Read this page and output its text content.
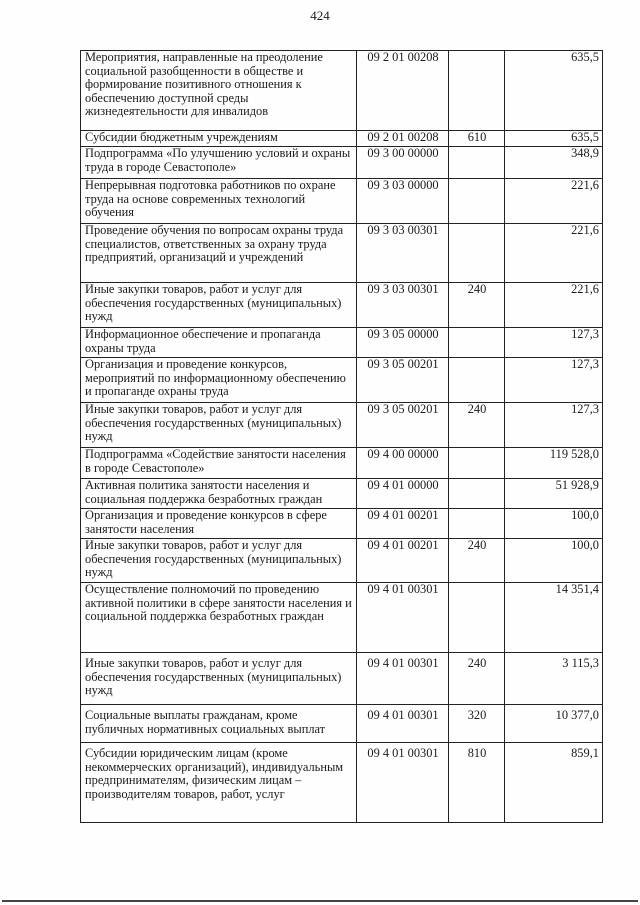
424
Мероприятия, направленные на преодоление социальной разобщенности в обществе и формирование позитивного отношения к обеспечению доступной среды жизнедеятельности для инвалидов	09 2 01 00208		635,5
Субсидии бюджетным учреждениям	09 2 01 00208	610	635,5
Подпрограмма «По улучшению условий и охраны труда в городе Севастополе»	09 3 00 00000		348,9
Непрерывная подготовка работников по охране труда на основе современных технологий обучения	09 3 03 00000		221,6
Проведение обучения по вопросам охраны труда специалистов, ответственных за охрану труда предприятий, организаций и учреждений	09 3 03 00301		221,6
Иные закупки товаров, работ и услуг для обеспечения государственных (муниципальных) нужд	09 3 03 00301	240	221,6
Информационное обеспечение и пропаганда охраны труда	09 3 05 00000		127,3
Организация и проведение конкурсов, мероприятий по информационному обеспечению и пропаганде охраны труда	09 3 05 00201		127,3
Иные закупки товаров, работ и услуг для обеспечения государственных (муниципальных) нужд	09 3 05 00201	240	127,3
Подпрограмма «Содействие занятости населения в городе Севастополе»	09 4 00 00000		119 528,0
Активная политика занятости населения и социальная поддержка безработных граждан	09 4 01 00000		51 928,9
Организация и проведение конкурсов в сфере занятости населения	09 4 01 00201		100,0
Иные закупки товаров, работ и услуг для обеспечения государственных (муниципальных) нужд	09 4 01 00201	240	100,0
Осуществление полномочий по проведению активной политики в сфере занятости населения и социальной поддержка безработных граждан	09 4 01 00301		14 351,4
Иные закупки товаров, работ и услуг для обеспечения государственных (муниципальных) нужд	09 4 01 00301	240	3 115,3
Социальные выплаты гражданам, кроме публичных нормативных социальных выплат	09 4 01 00301	320	10 377,0
Субсидии юридическим лицам (кроме некоммерческих организаций), индивидуальным предпринимателям, физическим лицам – производителям товаров, работ, услуг	09 4 01 00301	810	859,1
